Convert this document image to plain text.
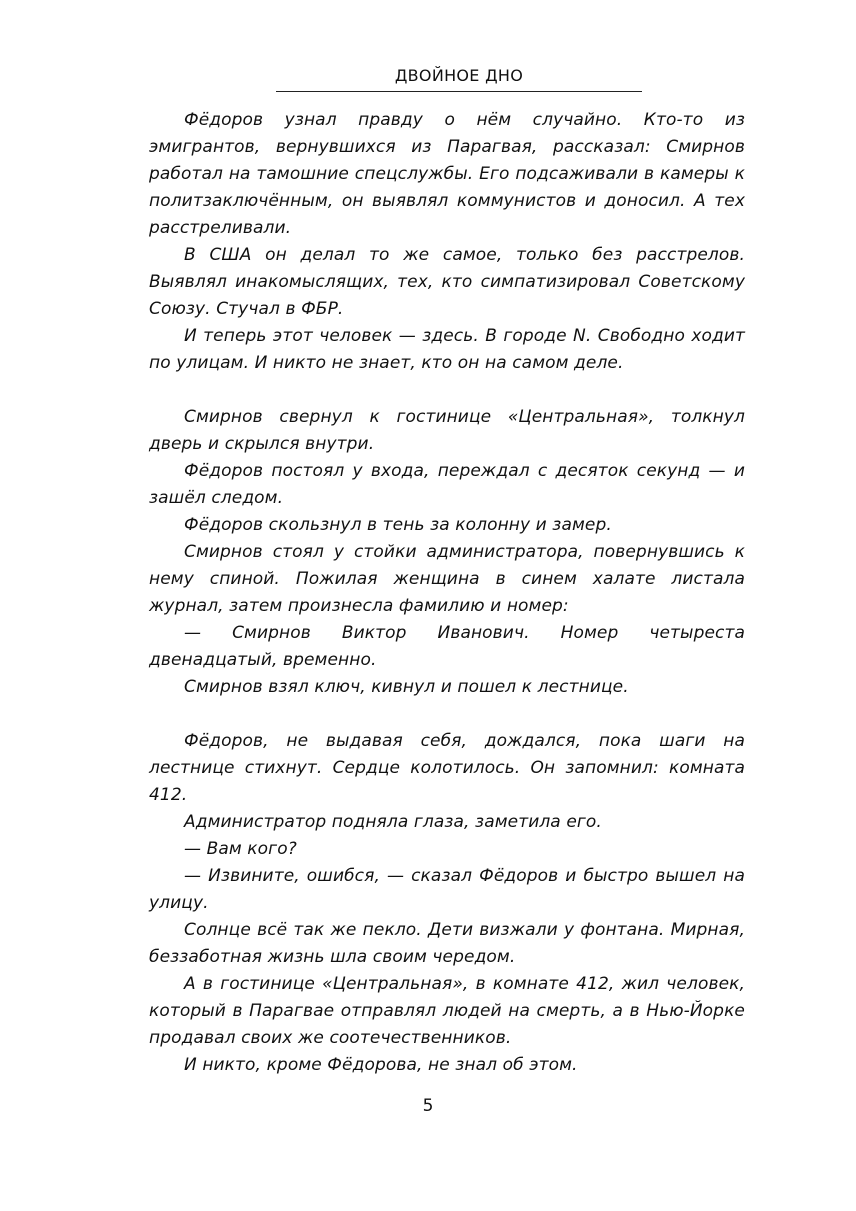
ДВОЙНОЕ ДНО

Фёдоров узнал правду о нём случайно. Кто-то из эмигрантов, вернувшихся из Парагвая, рассказал: Смирнов работал на тамошние спецслужбы. Его подсаживали в камеры к политзаключённым, он выявлял коммунистов и доносил. А тех расстреливали.

В США он делал то же самое, только без расстрелов. Выявлял инакомыслящих, тех, кто симпатизировал Советскому Союзу. Стучал в ФБР.

И теперь этот человек — здесь. В городе N. Свободно ходит по улицам. И никто не знает, кто он на самом деле.

Смирнов свернул к гостинице «Центральная», толкнул дверь и скрылся внутри.

Фёдоров постоял у входа, переждал с десяток секунд — и зашёл следом.

Фёдоров скользнул в тень за колонну и замер.

Смирнов стоял у стойки администратора, повернувшись к нему спиной. Пожилая женщина в синем халате листала журнал, затем произнесла фамилию и номер:

— Смирнов Виктор Иванович. Номер четыреста двенадцатый, временно.

Смирнов взял ключ, кивнул и пошел к лестнице.

Фёдоров, не выдавая себя, дождался, пока шаги на лестнице стихнут. Сердце колотилось. Он запомнил: комната 412.

Администратор подняла глаза, заметила его.

— Вам кого?

— Извините, ошибся, — сказал Фёдоров и быстро вышел на улицу.

Солнце всё так же пекло. Дети визжали у фонтана. Мирная, беззаботная жизнь шла своим чередом.

А в гостинице «Центральная», в комнате 412, жил человек, который в Парагвае отправлял людей на смерть, а в Нью-Йорке продавал своих же соотечественников.

И никто, кроме Фёдорова, не знал об этом.

5
